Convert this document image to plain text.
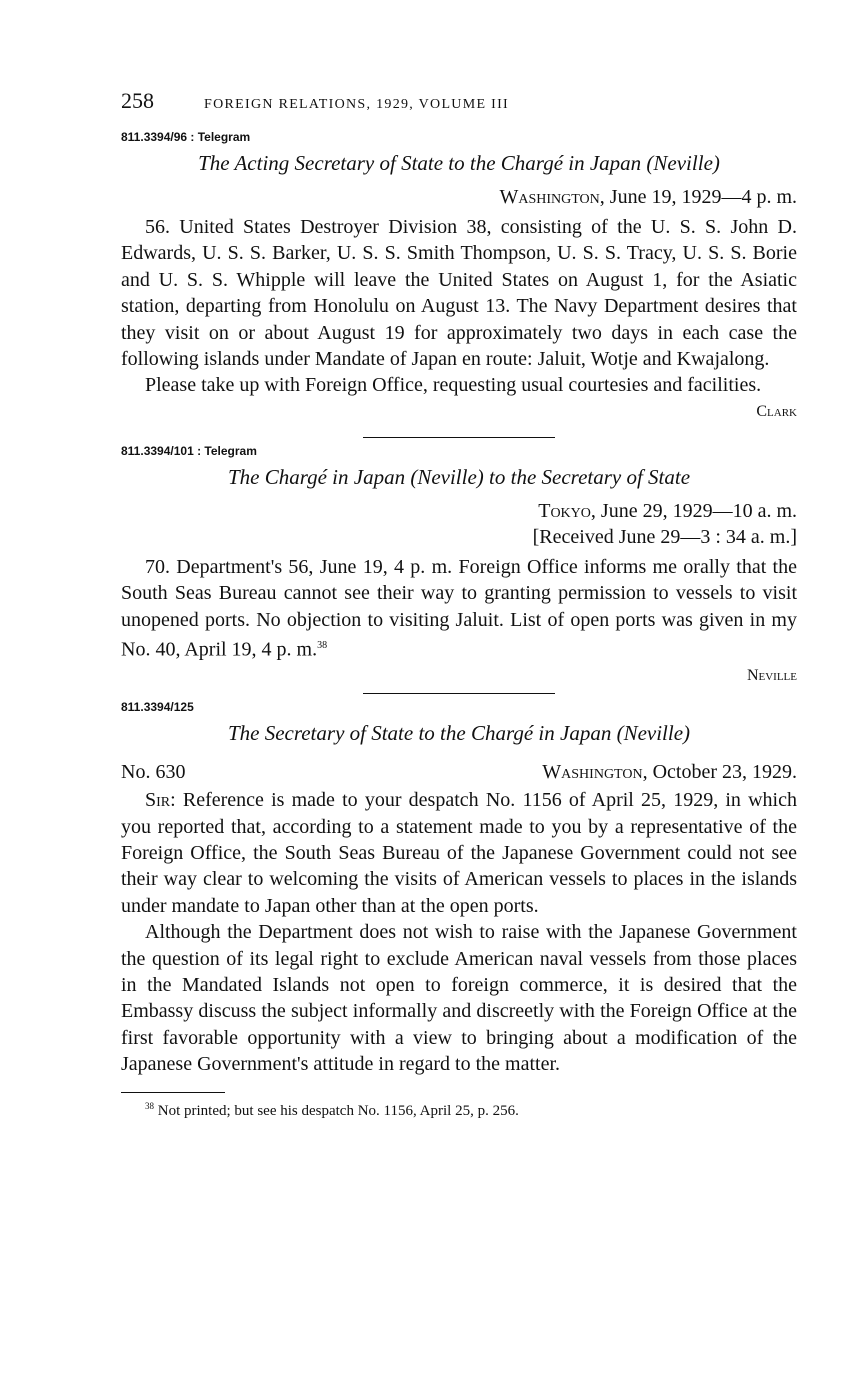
258	FOREIGN RELATIONS, 1929, VOLUME III
811.3394/96 : Telegram

The Acting Secretary of State to the Chargé in Japan (Neville)

Washington, June 19, 1929—4 p. m.

56. United States Destroyer Division 38, consisting of the U. S. S. John D. Edwards, U. S. S. Barker, U. S. S. Smith Thompson, U. S. S. Tracy, U. S. S. Borie and U. S. S. Whipple will leave the United States on August 1, for the Asiatic station, departing from Honolulu on August 13. The Navy Department desires that they visit on or about August 19 for approximately two days in each case the following islands under Mandate of Japan en route: Jaluit, Wotje and Kwajalong.

Please take up with Foreign Office, requesting usual courtesies and facilities.

Clark
811.3394/101 : Telegram

The Chargé in Japan (Neville) to the Secretary of State

Tokyo, June 29, 1929—10 a. m.
[Received June 29—3 : 34 a. m.]

70. Department's 56, June 19, 4 p. m. Foreign Office informs me orally that the South Seas Bureau cannot see their way to granting permission to vessels to visit unopened ports. No objection to visiting Jaluit. List of open ports was given in my No. 40, April 19, 4 p. m.$^{38}$

Neville
811.3394/125

The Secretary of State to the Chargé in Japan (Neville)

No. 630	Washington, October 23, 1929.

Sir: Reference is made to your despatch No. 1156 of April 25, 1929, in which you reported that, according to a statement made to you by a representative of the Foreign Office, the South Seas Bureau of the Japanese Government could not see their way clear to welcoming the visits of American vessels to places in the islands under mandate to Japan other than at the open ports.

Although the Department does not wish to raise with the Japanese Government the question of its legal right to exclude American naval vessels from those places in the Mandated Islands not open to foreign commerce, it is desired that the Embassy discuss the subject informally and discreetly with the Foreign Office at the first favorable opportunity with a view to bringing about a modification of the Japanese Government's attitude in regard to the matter.

$^{38}$ Not printed; but see his despatch No. 1156, April 25, p. 256.
